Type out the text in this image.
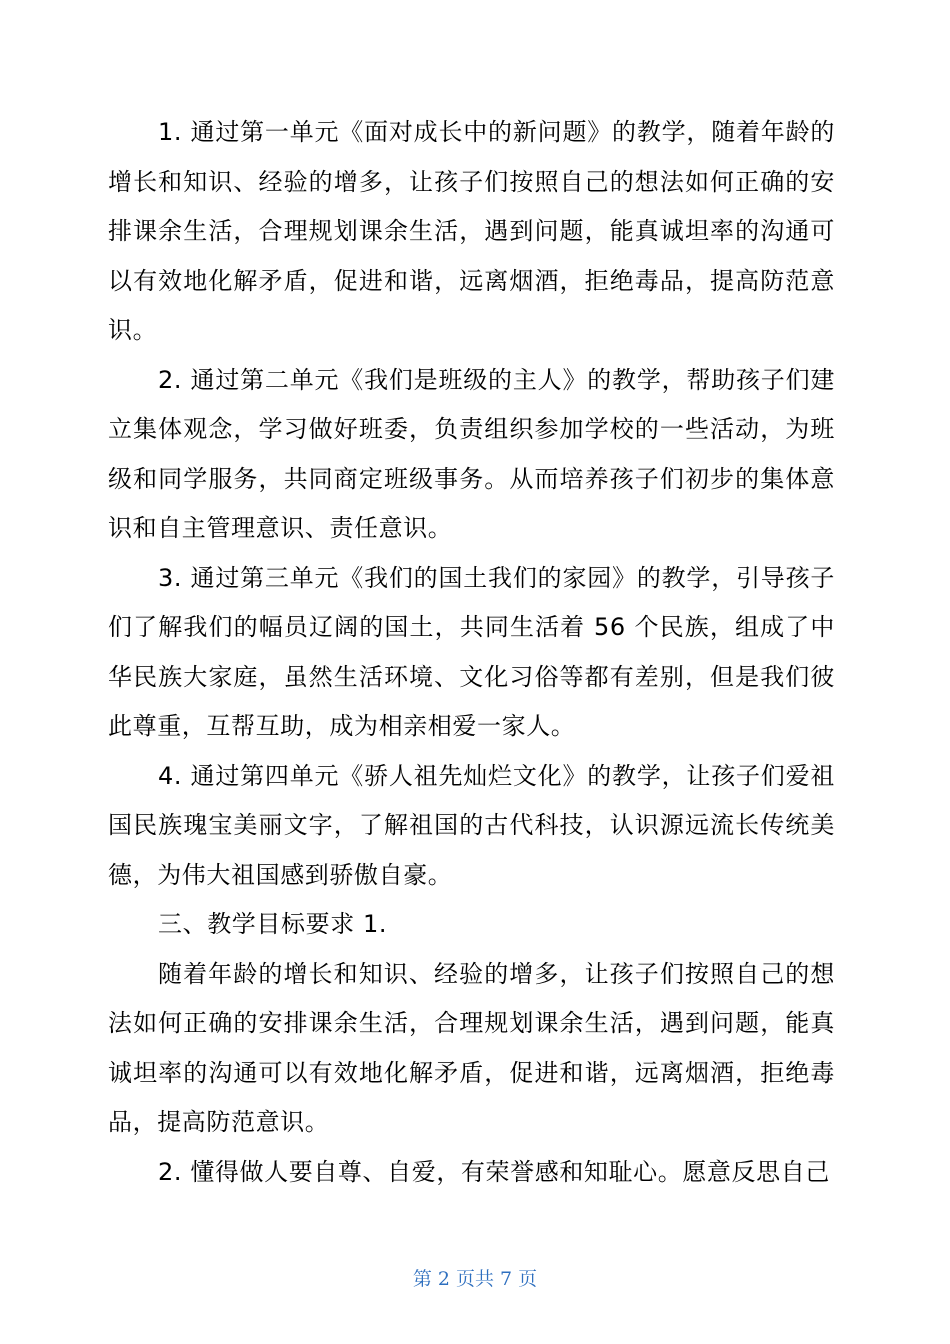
1. 通过第一单元《面对成长中的新问题》的教学，随着年龄的增长和知识、经验的增多，让孩子们按照自己的想法如何正确的安排课余生活，合理规划课余生活，遇到问题，能真诚坦率的沟通可以有效地化解矛盾，促进和谐，远离烟酒，拒绝毒品，提高防范意识。

2. 通过第二单元《我们是班级的主人》的教学，帮助孩子们建立集体观念，学习做好班委，负责组织参加学校的一些活动，为班级和同学服务，共同商定班级事务。从而培养孩子们初步的集体意识和自主管理意识、责任意识。

3. 通过第三单元《我们的国土我们的家园》的教学，引导孩子们了解我们的幅员辽阔的国土，共同生活着 56 个民族，组成了中华民族大家庭，虽然生活环境、文化习俗等都有差别，但是我们彼此尊重，互帮互助，成为相亲相爱一家人。

4. 通过第四单元《骄人祖先灿烂文化》的教学，让孩子们爱祖国民族瑰宝美丽文字，了解祖国的古代科技，认识源远流长传统美德，为伟大祖国感到骄傲自豪。

三、教学目标要求 1.

随着年龄的增长和知识、经验的增多，让孩子们按照自己的想法如何正确的安排课余生活，合理规划课余生活，遇到问题，能真诚坦率的沟通可以有效地化解矛盾，促进和谐，远离烟酒，拒绝毒品，提高防范意识。

2. 懂得做人要自尊、自爱，有荣誉感和知耻心。愿意反思自己

第 2 页共 7 页
